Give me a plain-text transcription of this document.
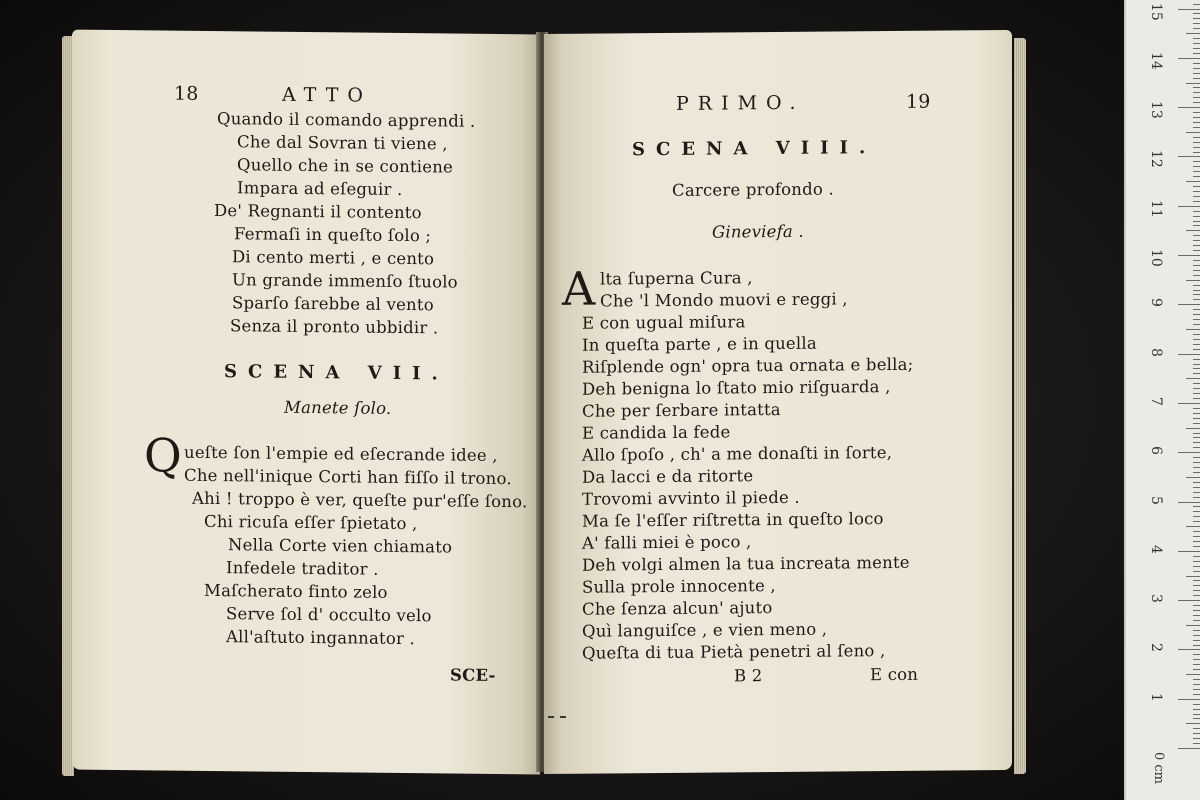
18	ATTO
Quando il comando apprendi .
Che dal Sovran ti viene ,
Quello che in se contiene
Impara ad eſeguir .
De' Regnanti il contento
Fermaſi in queſto ſolo ;
Di cento merti , e cento
Un grande immenſo ſtuolo
Sparſo ſarebbe al vento
Senza il pronto ubbidir .
SCENA VII.
Manete ſolo.
Q ueſte ſon l'empie ed eſecrande idee ,
Che nell'inique Corti han fiſſo il trono.
Ahi ! troppo è ver, queſte pur'eſſe ſono.
Chi ricuſa eſſer ſpietato ,
Nella Corte vien chiamato
Infedele traditor .
Maſcherato finto zelo
Serve ſol d' occulto velo
All'aſtuto ingannator .
SCE-
PRIMO.	19
SCENA VIII.
Carcere profondo .
Gineviefa .
A lta ſuperna Cura ,
Che 'l Mondo muovi e reggi ,
E con ugual miſura
In queſta parte , e in quella
Riſplende ogn' opra tua ornata e bella;
Deh benigna lo ſtato mio riſguarda ,
Che per ſerbare intatta
E candida la fede
Allo ſpoſo , ch' a me donaſti in ſorte,
Da lacci e da ritorte
Trovomi avvinto il piede .
Ma ſe l'eſſer riſtretta in queſto loco
A' falli miei è poco ,
Deh volgi almen la tua increata mente
Sulla prole innocente ,
Che ſenza alcun' ajuto
Quì languiſce , e vien meno ,
Queſta di tua Pietà penetri al ſeno ,
B 2	E con
0 cm
1
2
3
4
5
6
7
8
9
10
11
12
13
14
15
